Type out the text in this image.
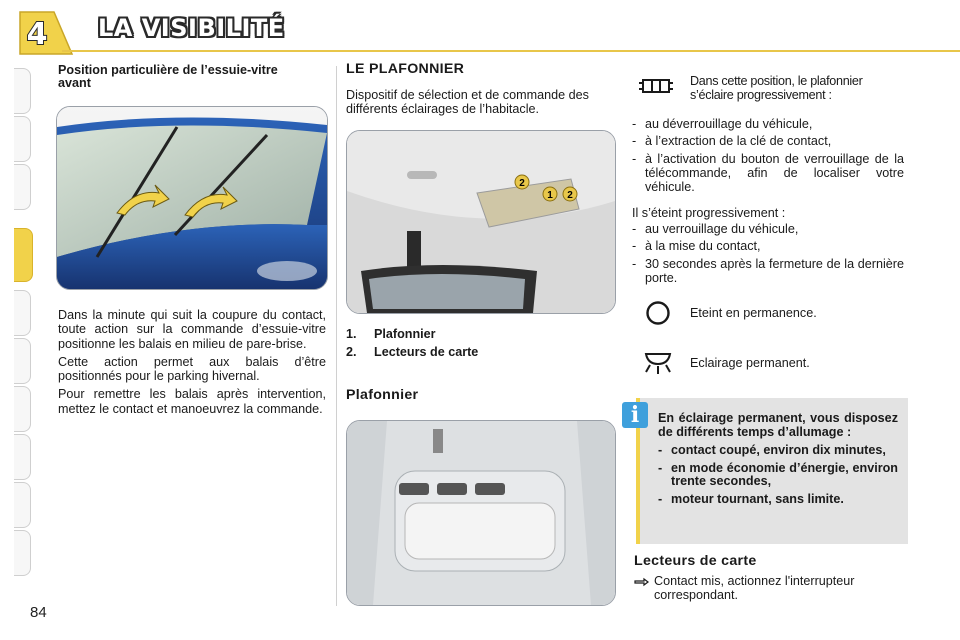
4 LA VISIBILITÉ
84
Position particulière de l’essuie-vitre avant

Dans la minute qui suit la coupure du contact, toute action sur la commande d’essuie-vitre positionne les balais en milieu de pare-brise.

Cette action permet aux balais d’être positionnés pour le parking hivernal.

Pour remettre les balais après intervention, mettez le contact et manoeuvrez la commande.

LE PLAFONNIER
Dispositif de sélection et de commande des différents éclairages de l’habitacle.
2
1 2
1. Plafonnier
2. Lecteurs de carte
Plafonnier
Dans cette position, le plafonnier s’éclaire progressivement :
- au déverrouillage du véhicule,
- à l’extraction de la clé de contact,
- à l’activation du bouton de verrouillage de la télécommande, afin de localiser votre véhicule.
Il s’éteint progressivement :
- au verrouillage du véhicule,
- à la mise du contact,
- 30 secondes après la fermeture de la dernière porte.
Eteint en permanence.
Eclairage permanent.
i	En éclairage permanent, vous disposez de différents temps d’allumage :

- contact coupé, environ dix minutes,
- en mode économie d’énergie, environ trente secondes,
- moteur tournant, sans limite.
Lecteurs de carte
Contact mis, actionnez l'interrupteur correspondant.
